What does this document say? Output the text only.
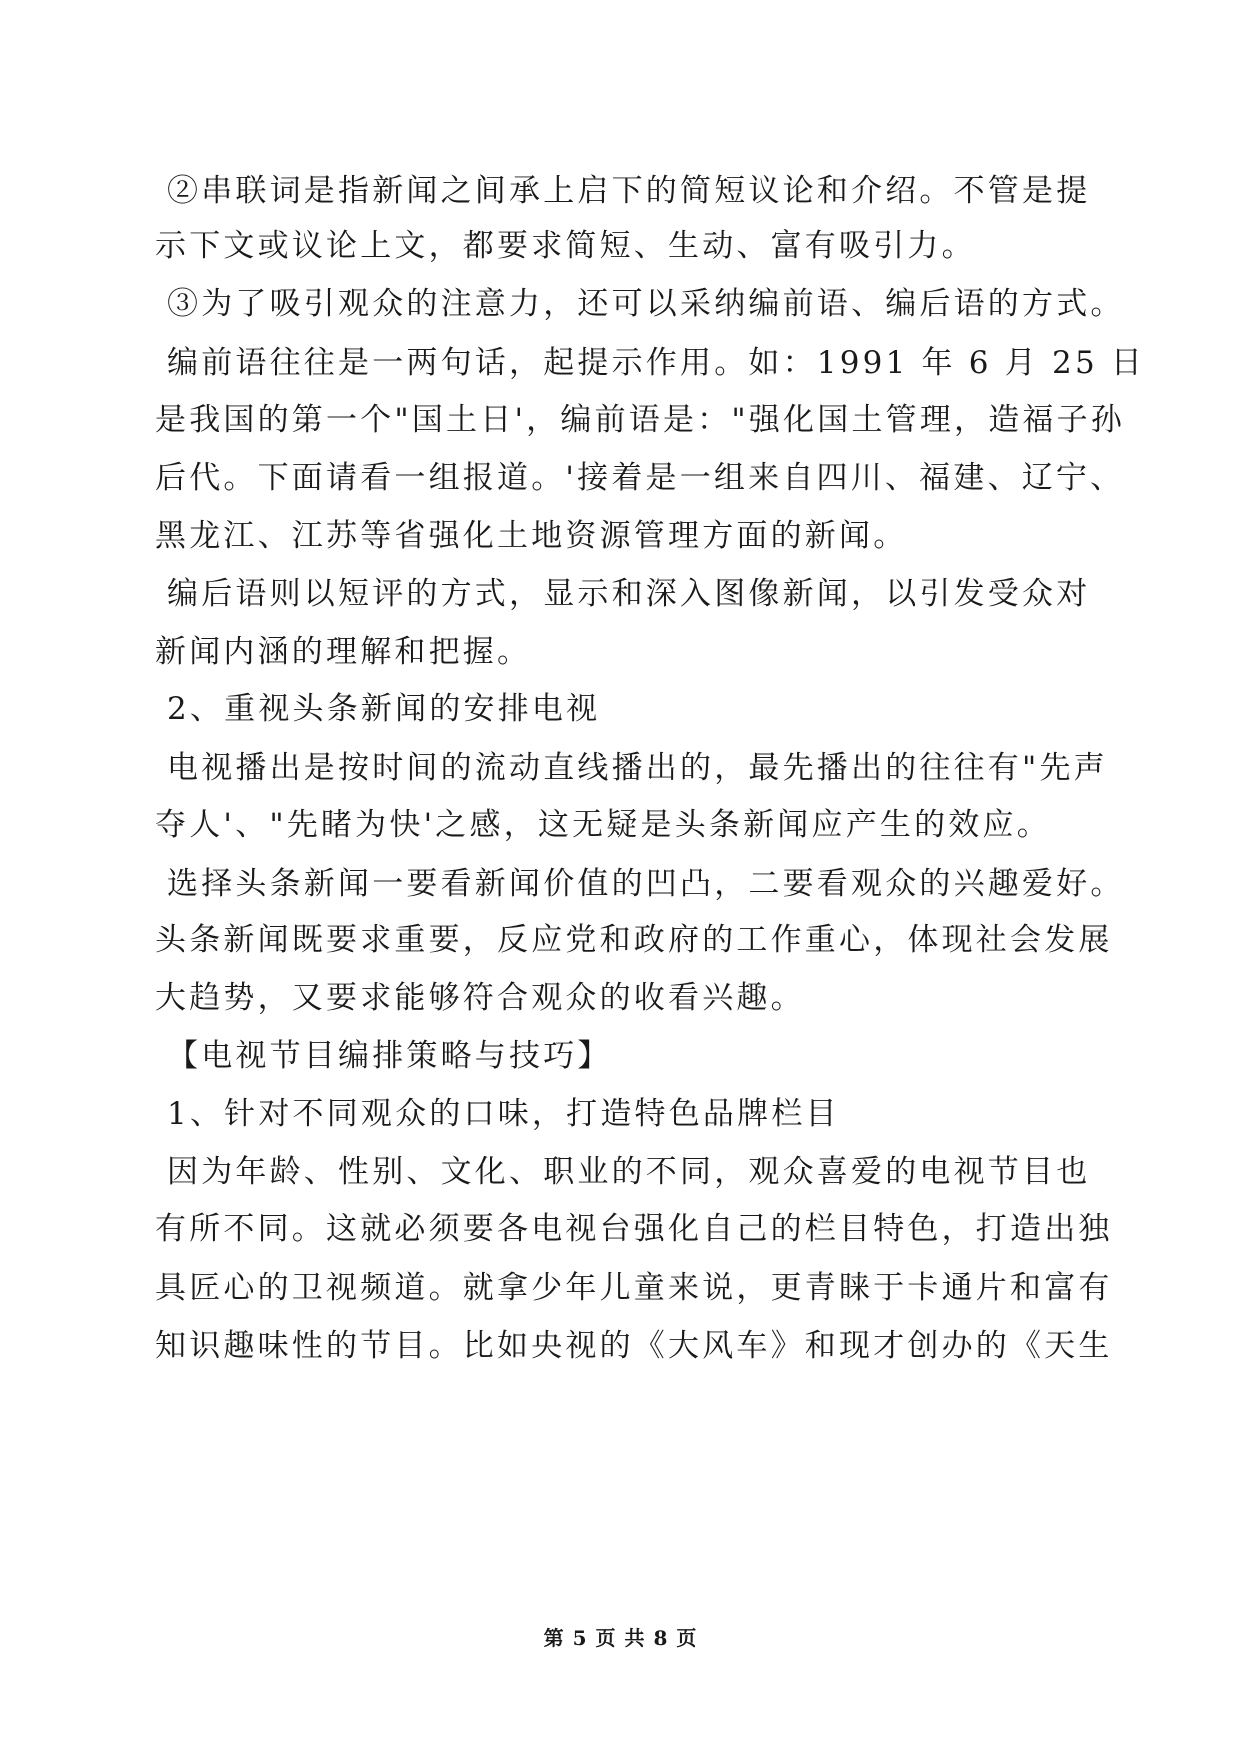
②串联词是指新闻之间承上启下的简短议论和介绍。不管是提
示下文或议论上文，都要求简短、生动、富有吸引力。
③为了吸引观众的注意力，还可以采纳编前语、编后语的方式。
编前语往往是一两句话，起提示作用。如：1991 年 6 月 25 日
是我国的第一个"国土日'，编前语是："强化国土管理，造福子孙
后代。下面请看一组报道。'接着是一组来自四川、福建、辽宁、
黑龙江、江苏等省强化土地资源管理方面的新闻。
编后语则以短评的方式，显示和深入图像新闻，以引发受众对
新闻内涵的理解和把握。
2、重视头条新闻的安排电视
电视播出是按时间的流动直线播出的，最先播出的往往有"先声
夺人'、"先睹为快'之感，这无疑是头条新闻应产生的效应。
选择头条新闻一要看新闻价值的凹凸，二要看观众的兴趣爱好。
头条新闻既要求重要，反应党和政府的工作重心，体现社会发展
大趋势，又要求能够符合观众的收看兴趣。
【电视节目编排策略与技巧】
1、针对不同观众的口味，打造特色品牌栏目
因为年龄、性别、文化、职业的不同，观众喜爱的电视节目也
有所不同。这就必须要各电视台强化自己的栏目特色，打造出独
具匠心的卫视频道。就拿少年儿童来说，更青睐于卡通片和富有
知识趣味性的节目。比如央视的《大风车》和现才创办的《天生
第 5 页 共 8 页
